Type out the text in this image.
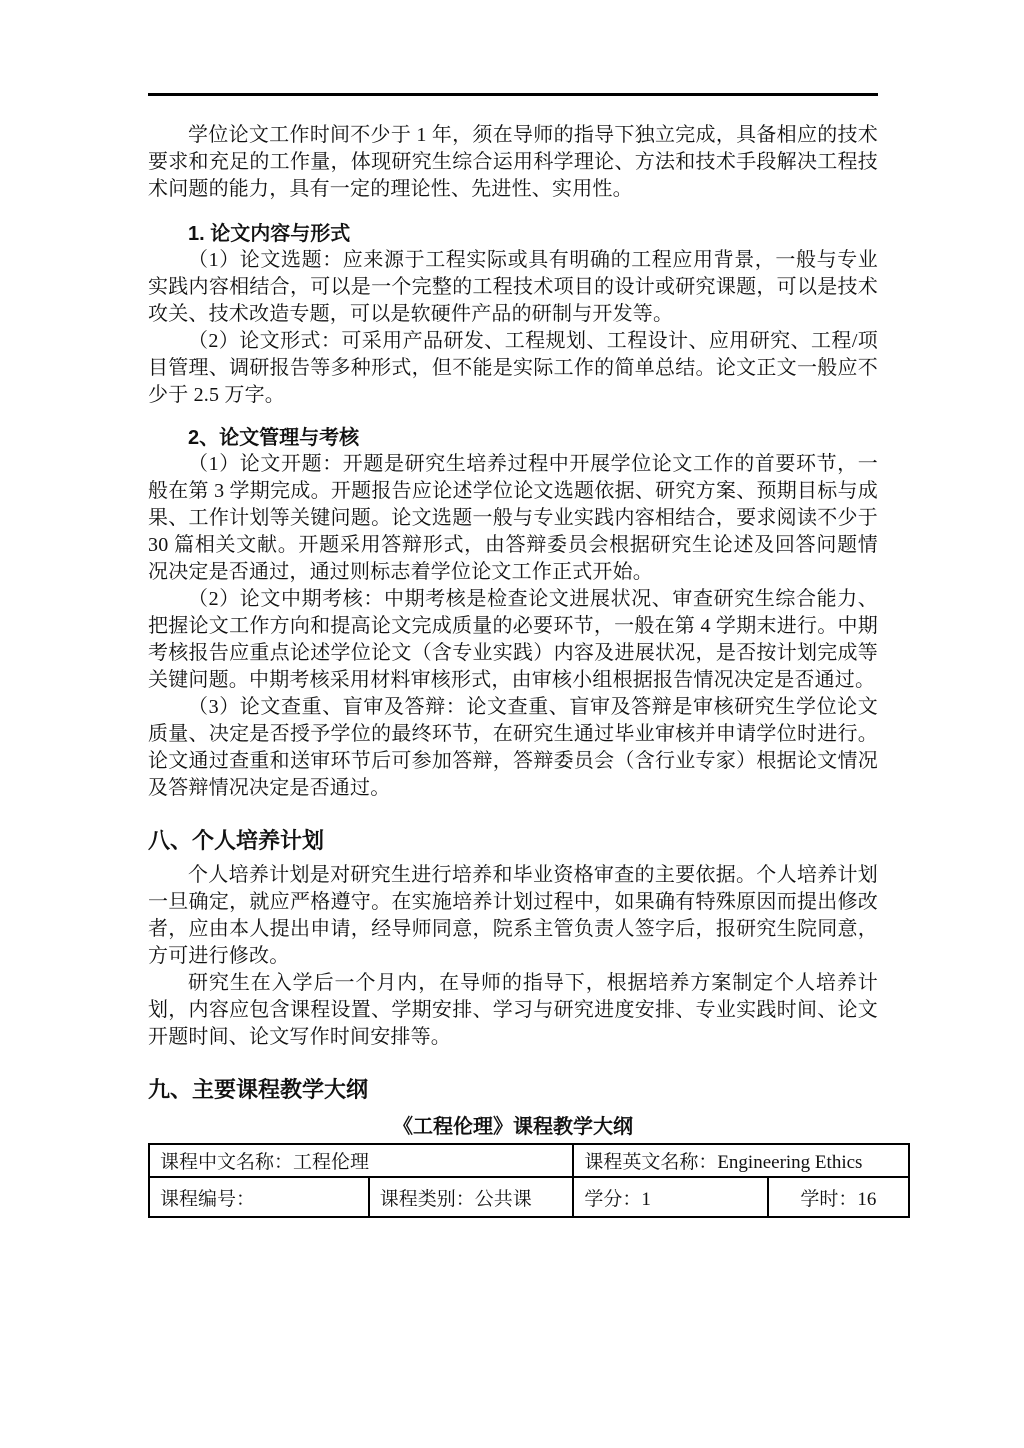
学位论文工作时间不少于 1 年，须在导师的指导下独立完成，具备相应的技术要求和充足的工作量，体现研究生综合运用科学理论、方法和技术手段解决工程技术问题的能力，具有一定的理论性、先进性、实用性。

1. 论文内容与形式

（1）论文选题：应来源于工程实际或具有明确的工程应用背景，一般与专业实践内容相结合，可以是一个完整的工程技术项目的设计或研究课题，可以是技术攻关、技术改造专题，可以是软硬件产品的研制与开发等。

（2）论文形式：可采用产品研发、工程规划、工程设计、应用研究、工程/项目管理、调研报告等多种形式，但不能是实际工作的简单总结。论文正文一般应不少于 2.5 万字。

2、论文管理与考核

（1）论文开题：开题是研究生培养过程中开展学位论文工作的首要环节，一般在第 3 学期完成。开题报告应论述学位论文选题依据、研究方案、预期目标与成果、工作计划等关键问题。论文选题一般与专业实践内容相结合，要求阅读不少于 30 篇相关文献。开题采用答辩形式，由答辩委员会根据研究生论述及回答问题情况决定是否通过，通过则标志着学位论文工作正式开始。

（2）论文中期考核：中期考核是检查论文进展状况、审查研究生综合能力、把握论文工作方向和提高论文完成质量的必要环节，一般在第 4 学期末进行。中期考核报告应重点论述学位论文（含专业实践）内容及进展状况，是否按计划完成等关键问题。中期考核采用材料审核形式，由审核小组根据报告情况决定是否通过。

（3）论文查重、盲审及答辩：论文查重、盲审及答辩是审核研究生学位论文质量、决定是否授予学位的最终环节，在研究生通过毕业审核并申请学位时进行。论文通过查重和送审环节后可参加答辩，答辩委员会（含行业专家）根据论文情况及答辩情况决定是否通过。

八、个人培养计划

个人培养计划是对研究生进行培养和毕业资格审查的主要依据。个人培养计划一旦确定，就应严格遵守。在实施培养计划过程中，如果确有特殊原因而提出修改者，应由本人提出申请，经导师同意，院系主管负责人签字后，报研究生院同意，方可进行修改。

研究生在入学后一个月内，在导师的指导下，根据培养方案制定个人培养计划，内容应包含课程设置、学期安排、学习与研究进度安排、专业实践时间、论文开题时间、论文写作时间安排等。

九、主要课程教学大纲
《工程伦理》课程教学大纲
课程中文名称：工程伦理		课程英文名称：Engineering Ethics	
课程编号：	课程类别：公共课	学分：1	学时：16
